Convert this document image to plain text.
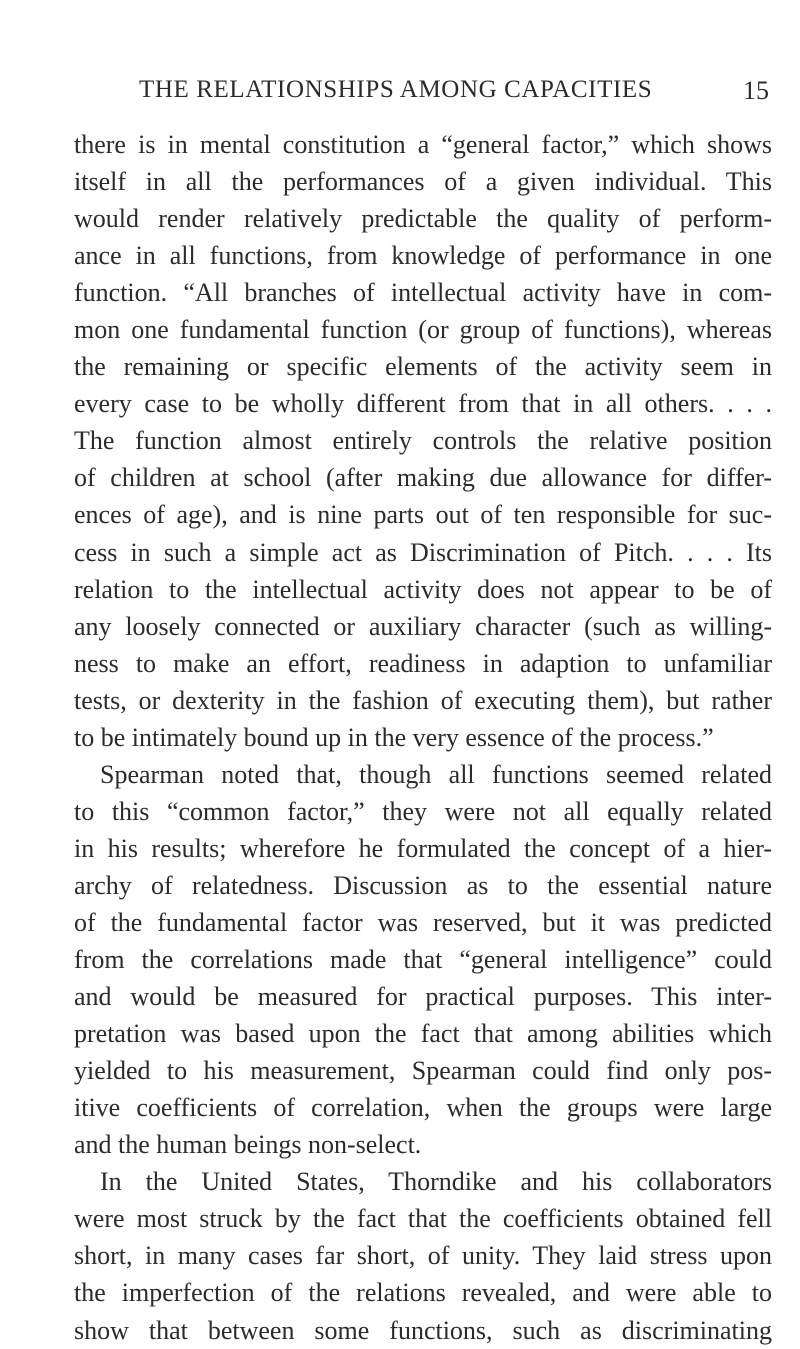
THE RELATIONSHIPS AMONG CAPACITIES	15
there is in mental constitution a “general factor,” which shows
itself in all the performances of a given individual. This
would render relatively predictable the quality of perform-
ance in all functions, from knowledge of performance in one
function. “All branches of intellectual activity have in com-
mon one fundamental function (or group of functions), whereas
the remaining or specific elements of the activity seem in
every case to be wholly different from that in all others. . . .
The function almost entirely controls the relative position
of children at school (after making due allowance for differ-
ences of age), and is nine parts out of ten responsible for suc-
cess in such a simple act as Discrimination of Pitch. . . . Its
relation to the intellectual activity does not appear to be of
any loosely connected or auxiliary character (such as willing-
ness to make an effort, readiness in adaption to unfamiliar
tests, or dexterity in the fashion of executing them), but rather
to be intimately bound up in the very essence of the process.”
Spearman noted that, though all functions seemed related
to this “common factor,” they were not all equally related
in his results; wherefore he formulated the concept of a hier-
archy of relatedness. Discussion as to the essential nature
of the fundamental factor was reserved, but it was predicted
from the correlations made that “general intelligence” could
and would be measured for practical purposes. This inter-
pretation was based upon the fact that among abilities which
yielded to his measurement, Spearman could find only pos-
itive coefficients of correlation, when the groups were large
and the human beings non-select.
In the United States, Thorndike and his collaborators
were most struck by the fact that the coefficients obtained fell
short, in many cases far short, of unity. They laid stress upon
the imperfection of the relations revealed, and were able to
show that between some functions, such as discriminating
